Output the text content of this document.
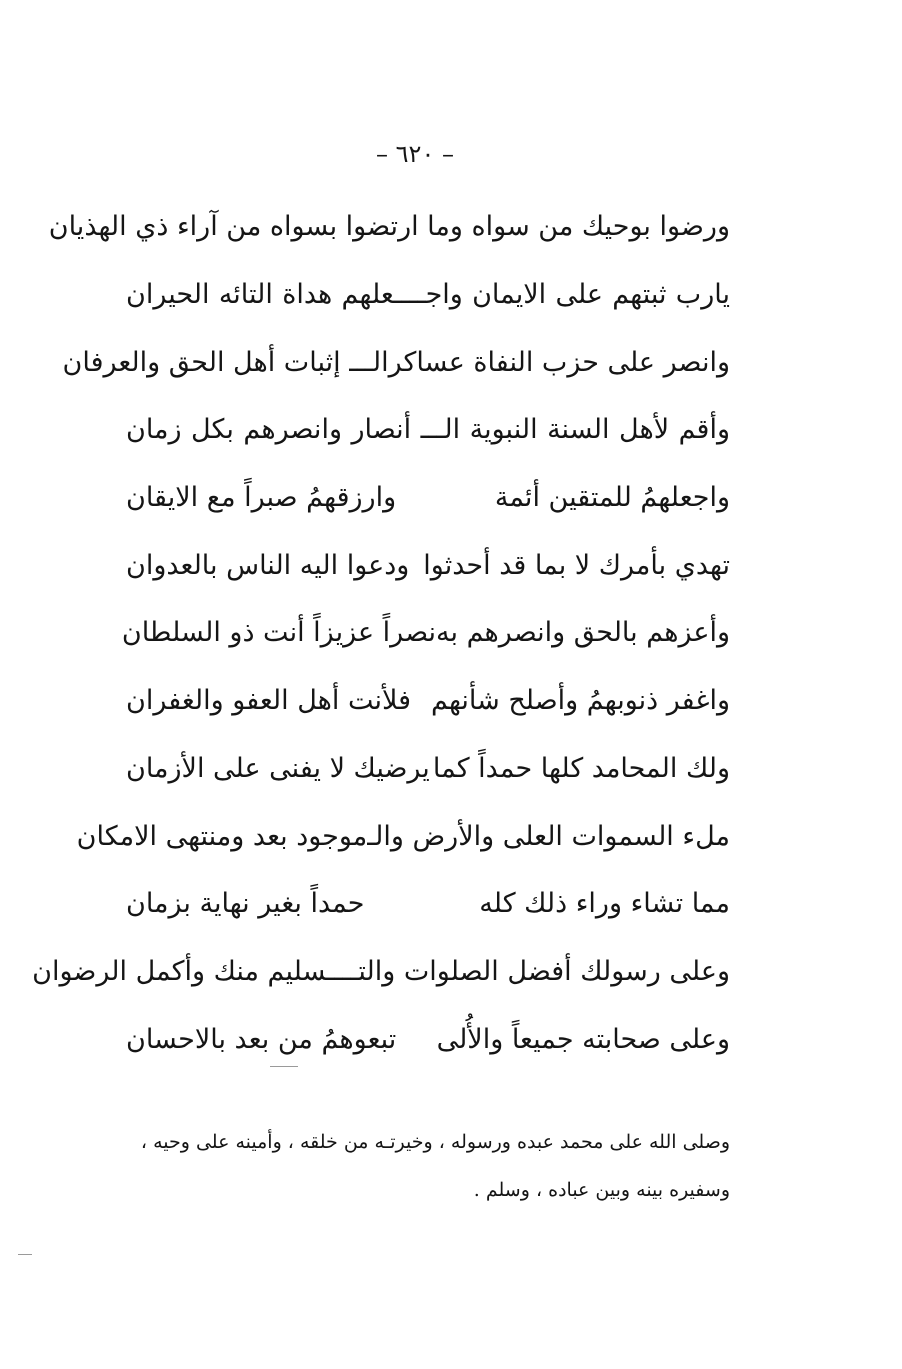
– ٦٢٠ –
ورضوا بوحيك من سواه وما ارتضوا بسواه من آراء ذي الهذيان
يارب ثبتهم على الايمان واجــــعلهم هداة التائه الحيران
وانصر على حزب النفاة عساكرالـــ إثبات أهل الحق والعرفان
وأقم لأهل السنة النبوية الـــ أنصار وانصرهم بكل زمان
واجعلهمُ للمتقين أئمة
وارزقهمُ صبراً مع الايقان
تهدي بأمرك لا بما قد أحدثوا
ودعوا اليه الناس بالعدوان
وأعزهم بالحق وانصرهم به
نصراً عزيزاً أنت ذو السلطان
واغفر ذنوبهمُ وأصلح شأنهم
فلأنت أهل العفو والغفران
ولك المحامد كلها حمداً كما
يرضيك لا يفنى على الأزمان
ملء السموات العلى والأرض والـ
موجود بعد ومنتهى الامكان
مما تشاء وراء ذلك كله
حمداً بغير نهاية بزمان
وعلى رسولك أفضل الصلوات والتـــ
ـسليم منك وأكمل الرضوان
وعلى صحابته جميعاً والأُلى
تبعوهمُ من بعد بالاحسان

وصلى الله على محمد عبده ورسوله ، وخيرتـه من خلقه ، وأمينه على وحيه ،

وسفيره بينه وبين عباده ، وسلم .
